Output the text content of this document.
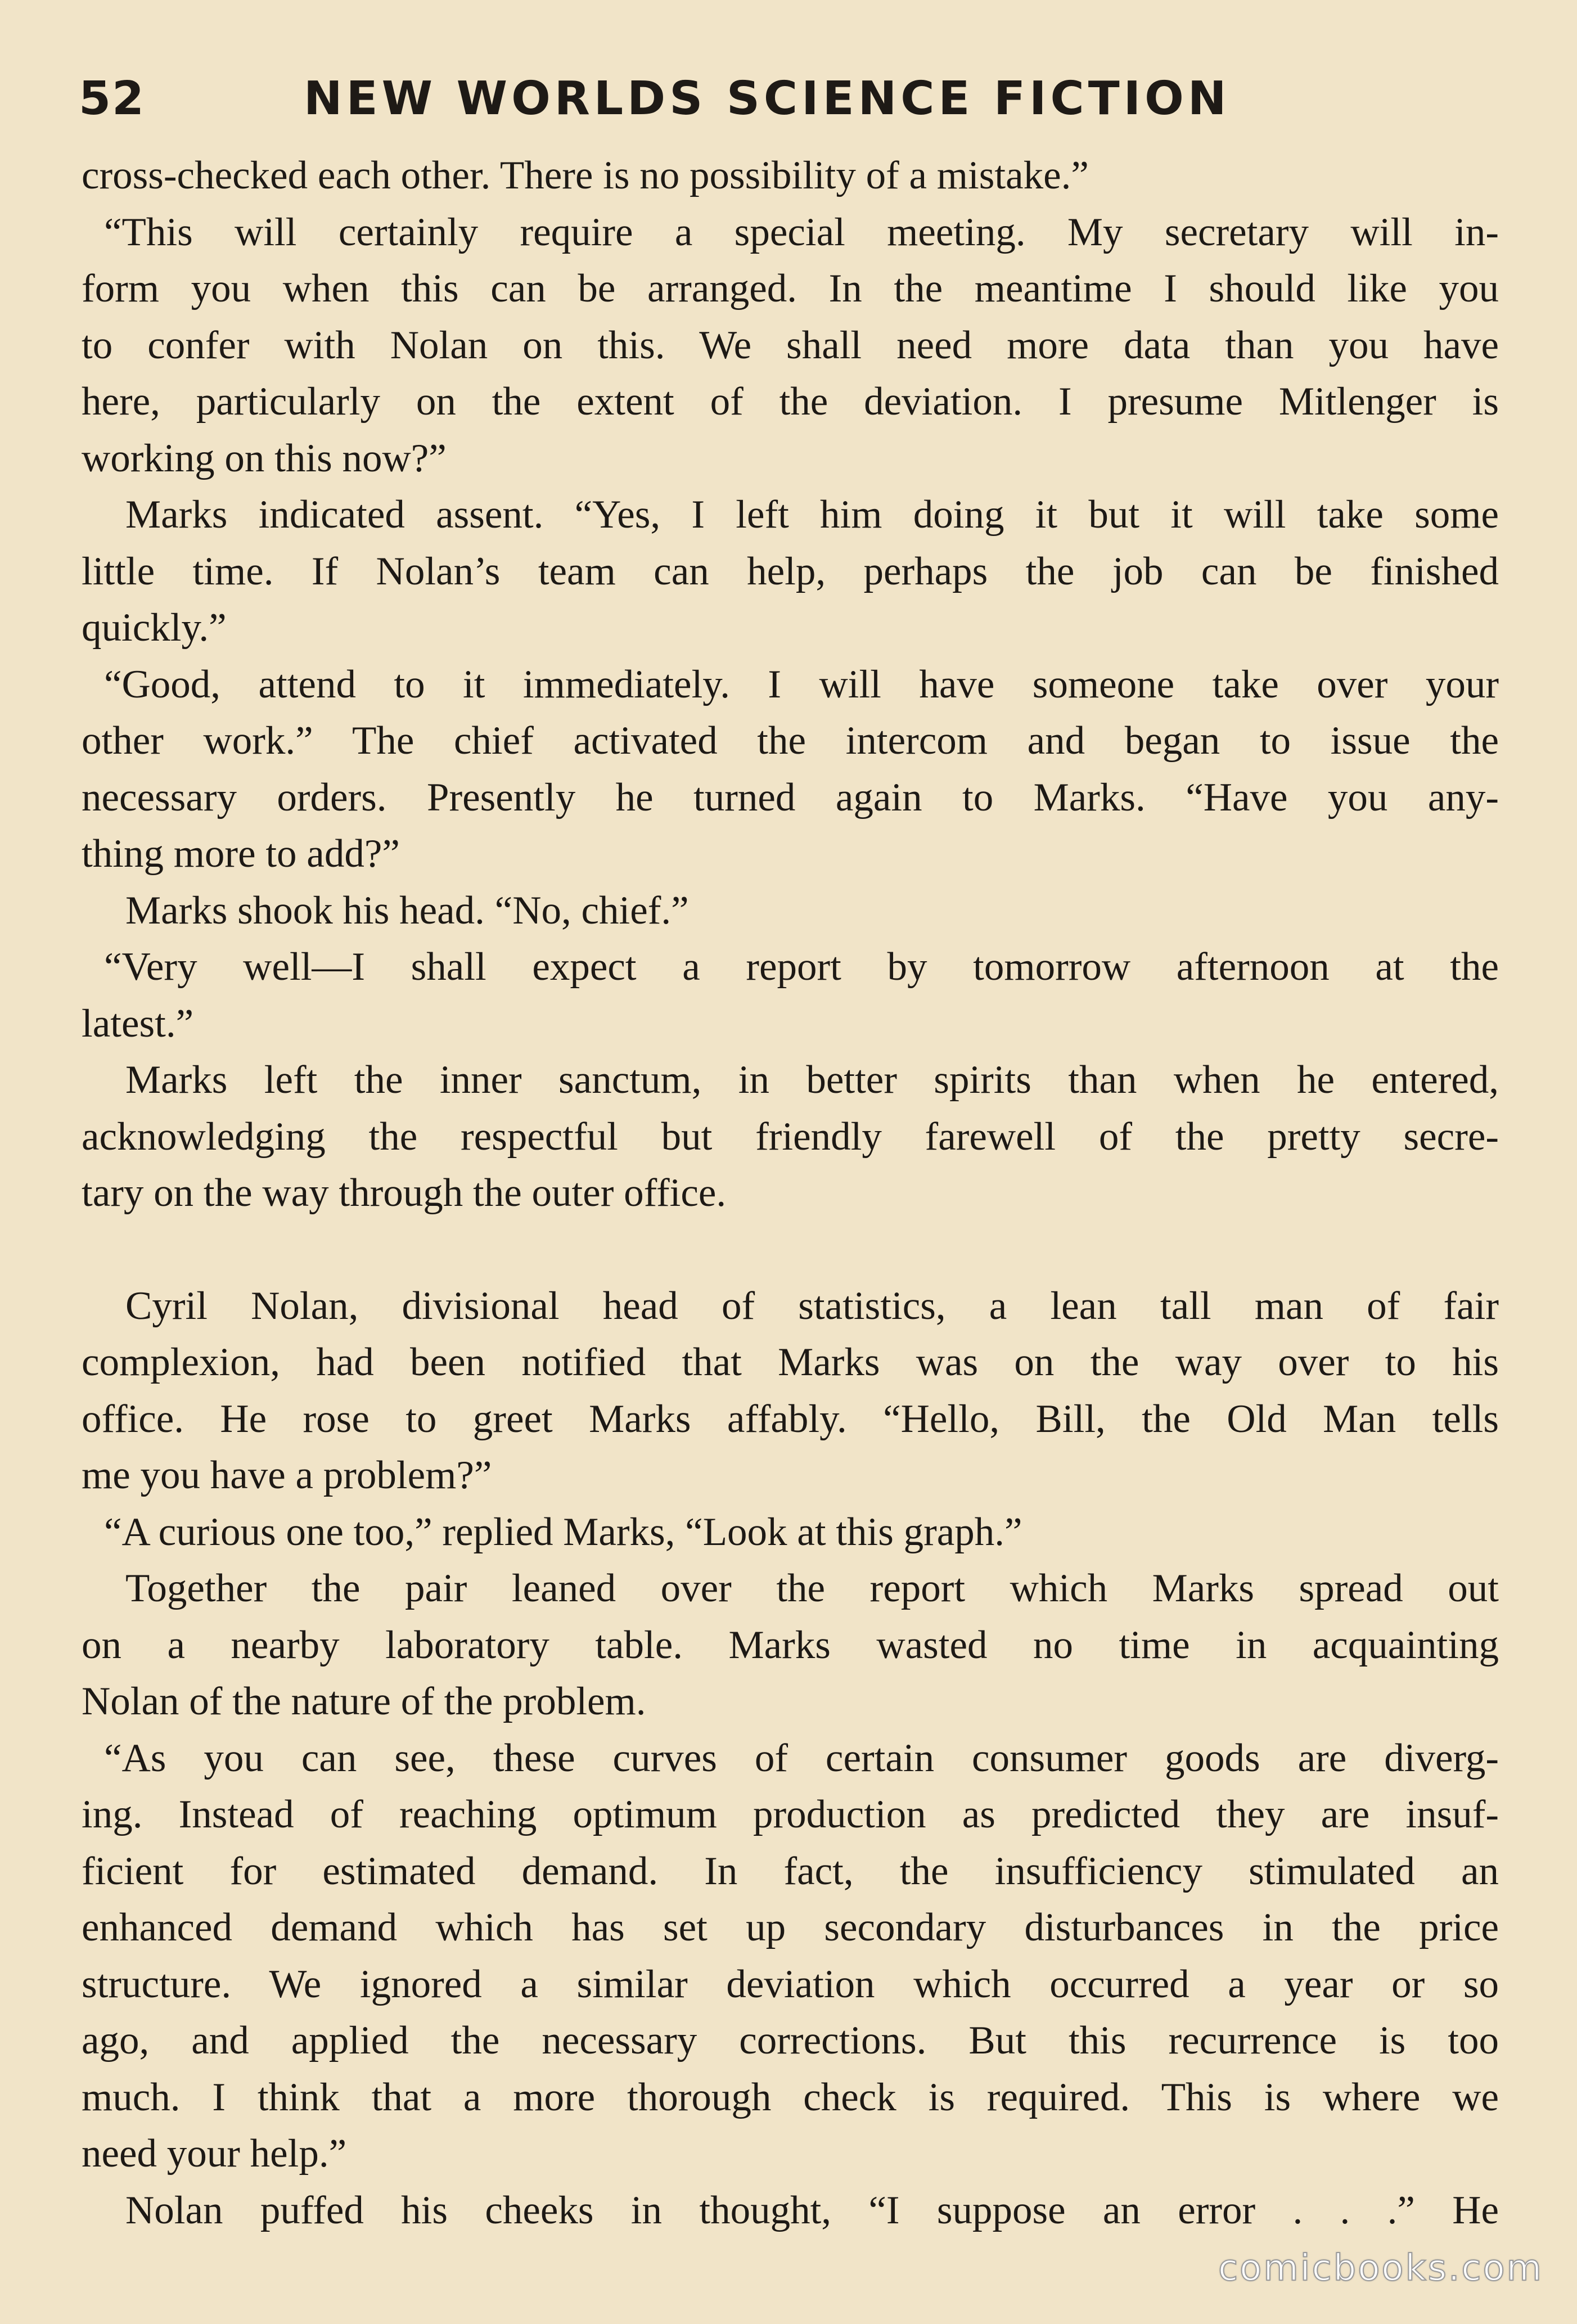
52	NEW WORLDS SCIENCE FICTION
cross-checked each other. There is no possibility of a mistake.”
“This will certainly require a special meeting. My secretary will in-
form you when this can be arranged. In the meantime I should like you
to confer with Nolan on this. We shall need more data than you have
here, particularly on the extent of the deviation. I presume Mitlenger is
working on this now?”
Marks indicated assent. “Yes, I left him doing it but it will take some
little time. If Nolan’s team can help, perhaps the job can be finished
quickly.”
“Good, attend to it immediately. I will have someone take over your
other work.” The chief activated the intercom and began to issue the
necessary orders. Presently he turned again to Marks. “Have you any-
thing more to add?”
Marks shook his head. “No, chief.”
“Very well—I shall expect a report by tomorrow afternoon at the
latest.”
Marks left the inner sanctum, in better spirits than when he entered,
acknowledging the respectful but friendly farewell of the pretty secre-
tary on the way through the outer office.
Cyril Nolan, divisional head of statistics, a lean tall man of fair
complexion, had been notified that Marks was on the way over to his
office. He rose to greet Marks affably. “Hello, Bill, the Old Man tells
me you have a problem?”
“A curious one too,” replied Marks, “Look at this graph.”
Together the pair leaned over the report which Marks spread out
on a nearby laboratory table. Marks wasted no time in acquainting
Nolan of the nature of the problem.
“As you can see, these curves of certain consumer goods are diverg-
ing. Instead of reaching optimum production as predicted they are insuf-
ficient for estimated demand. In fact, the insufficiency stimulated an
enhanced demand which has set up secondary disturbances in the price
structure. We ignored a similar deviation which occurred a year or so
ago, and applied the necessary corrections. But this recurrence is too
much. I think that a more thorough check is required. This is where we
need your help.”
Nolan puffed his cheeks in thought, “I suppose an error . . .” He
comicbooks.com
